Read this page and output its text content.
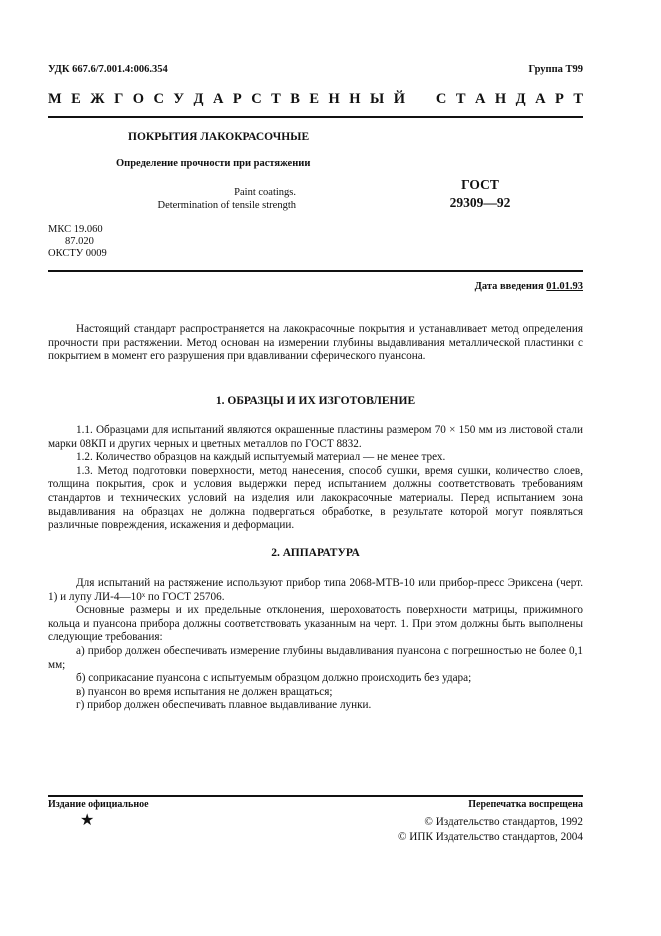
УДК 667.6/7.001.4:006.354	Группа Т99
М Е Ж Г О С У Д А Р С Т В Е Н Н Ы Й С Т А Н Д А Р Т
ПОКРЫТИЯ ЛАКОКРАСОЧНЫЕ
Определение прочности при растяжении
Paint coatings.
Determination of tensile strength
ГОСТ
29309—92
МКС 19.060
87.020
ОКСТУ 0009
Дата введения 01.01.93

Настоящий стандарт распространяется на лакокрасочные покрытия и устанавливает метод определения прочности при растяжении. Метод основан на измерении глубины выдавливания металлической пластинки с покрытием в момент его разрушения при вдавливании сферического пуансона.

1. ОБРАЗЦЫ И ИХ ИЗГОТОВЛЕНИЕ

1.1. Образцами для испытаний являются окрашенные пластины размером 70 × 150 мм из листовой стали марки 08КП и других черных и цветных металлов по ГОСТ 8832.

1.2. Количество образцов на каждый испытуемый материал — не менее трех.

1.3. Метод подготовки поверхности, метод нанесения, способ сушки, время сушки, количество слоев, толщина покрытия, срок и условия выдержки перед испытанием должны соответствовать требованиям стандартов и технических условий на изделия или лакокрасочные материалы. Перед испытанием зона выдавливания на образцах не должна подвергаться обработке, в результате которой могут появляться различные повреждения, искажения и деформации.

2. АППАРАТУРА

Для испытаний на растяжение используют прибор типа 2068-МТВ-10 или прибор-пресс Эриксена (черт. 1) и лупу ЛИ-4—10ˣ по ГОСТ 25706.

Основные размеры и их предельные отклонения, шероховатость поверхности матрицы, прижимного кольца и пуансона прибора должны соответствовать указанным на черт. 1. При этом должны быть выполнены следующие требования:

а) прибор должен обеспечивать измерение глубины выдавливания пуансона с погрешностью не более 0,1 мм;

б) соприкасание пуансона с испытуемым образцом должно происходить без удара;

в) пуансон во время испытания не должен вращаться;

г) прибор должен обеспечивать плавное выдавливание лунки.

Издание официальное	Перепечатка воспрещена
★	© Издательство стандартов, 1992
© ИПК Издательство стандартов, 2004
